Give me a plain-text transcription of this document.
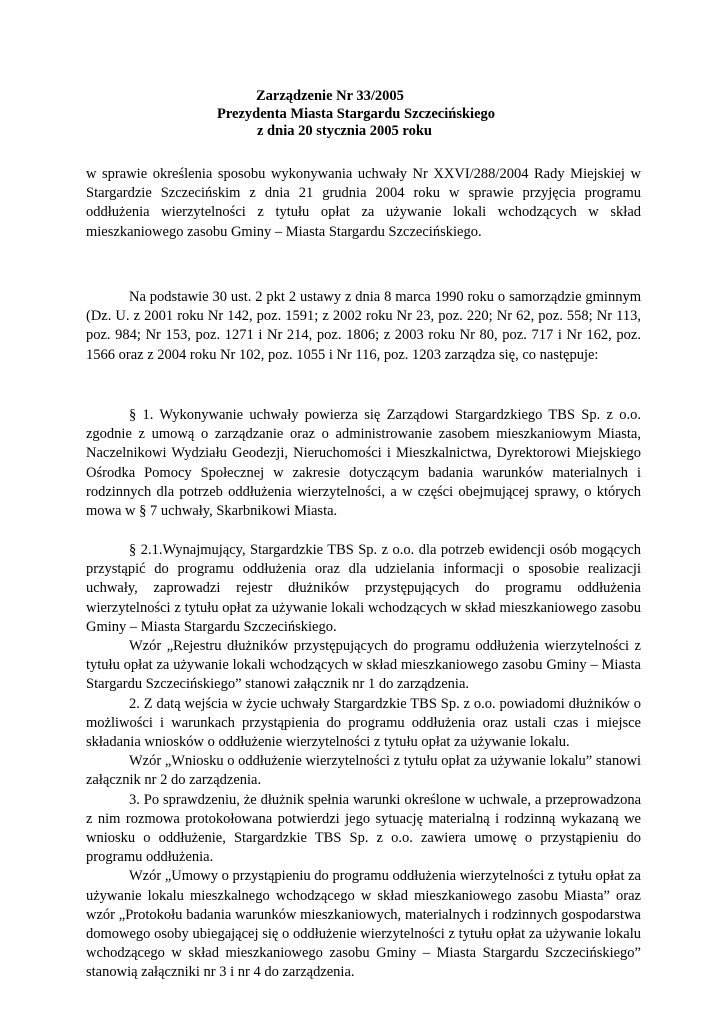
Zarządzenie Nr 33/2005
Prezydenta Miasta Stargardu Szczecińskiego
z dnia 20 stycznia 2005 roku
w sprawie określenia sposobu wykonywania uchwały Nr XXVI/288/2004 Rady Miejskiej w Stargardzie Szczecińskim z dnia 21 grudnia 2004 roku w sprawie przyjęcia programu oddłużenia wierzytelności z tytułu opłat za używanie lokali wchodzących w skład mieszkaniowego zasobu Gminy – Miasta Stargardu Szczecińskiego.
Na podstawie 30 ust. 2 pkt 2 ustawy z dnia 8 marca 1990 roku o samorządzie gminnym (Dz. U. z 2001 roku Nr 142, poz. 1591; z 2002 roku Nr 23, poz. 220; Nr 62, poz. 558; Nr 113, poz. 984; Nr 153, poz. 1271 i Nr 214, poz. 1806; z 2003 roku Nr 80, poz. 717 i Nr 162, poz. 1566 oraz z 2004 roku Nr 102, poz. 1055 i Nr 116, poz. 1203 zarządza się, co następuje:
§ 1. Wykonywanie uchwały powierza się Zarządowi Stargardzkiego TBS Sp. z o.o. zgodnie z umową o zarządzanie oraz o administrowanie zasobem mieszkaniowym Miasta, Naczelnikowi Wydziału Geodezji, Nieruchomości i Mieszkalnictwa, Dyrektorowi Miejskiego Ośrodka Pomocy Społecznej w zakresie dotyczącym badania warunków materialnych i rodzinnych dla potrzeb oddłużenia wierzytelności, a w części obejmującej sprawy, o których mowa w § 7 uchwały, Skarbnikowi Miasta.
§ 2.1.Wynajmujący, Stargardzkie TBS Sp. z o.o. dla potrzeb ewidencji osób mogących przystąpić do programu oddłużenia oraz dla udzielania informacji o sposobie realizacji uchwały, zaprowadzi rejestr dłużników przystępujących do programu oddłużenia wierzytelności z tytułu opłat za używanie lokali wchodzących w skład mieszkaniowego zasobu Gminy – Miasta Stargardu Szczecińskiego.
Wzór „Rejestru dłużników przystępujących do programu oddłużenia wierzytelności z tytułu opłat za używanie lokali wchodzących w skład mieszkaniowego zasobu Gminy – Miasta Stargardu Szczecińskiego” stanowi załącznik nr 1 do zarządzenia.
2. Z datą wejścia w życie uchwały Stargardzkie TBS Sp. z o.o. powiadomi dłużników o możliwości i warunkach przystąpienia do programu oddłużenia oraz ustali czas i miejsce składania wniosków o oddłużenie wierzytelności z tytułu opłat za używanie lokalu.
Wzór „Wniosku o oddłużenie wierzytelności z tytułu opłat za używanie lokalu” stanowi załącznik nr 2 do zarządzenia.
3. Po sprawdzeniu, że dłużnik spełnia warunki określone w uchwale, a przeprowadzona z nim rozmowa protokołowana potwierdzi jego sytuację materialną i rodzinną wykazaną we wniosku o oddłużenie, Stargardzkie TBS Sp. z o.o. zawiera umowę o przystąpieniu do programu oddłużenia.
Wzór „Umowy o przystąpieniu do programu oddłużenia wierzytelności z tytułu opłat za używanie lokalu mieszkalnego wchodzącego w skład mieszkaniowego zasobu Miasta” oraz wzór „Protokołu badania warunków mieszkaniowych, materialnych i rodzinnych gospodarstwa domowego osoby ubiegającej się o oddłużenie wierzytelności z tytułu opłat za używanie lokalu wchodzącego w skład mieszkaniowego zasobu Gminy – Miasta Stargardu Szczecińskiego” stanowią załączniki nr 3 i nr 4 do zarządzenia.
